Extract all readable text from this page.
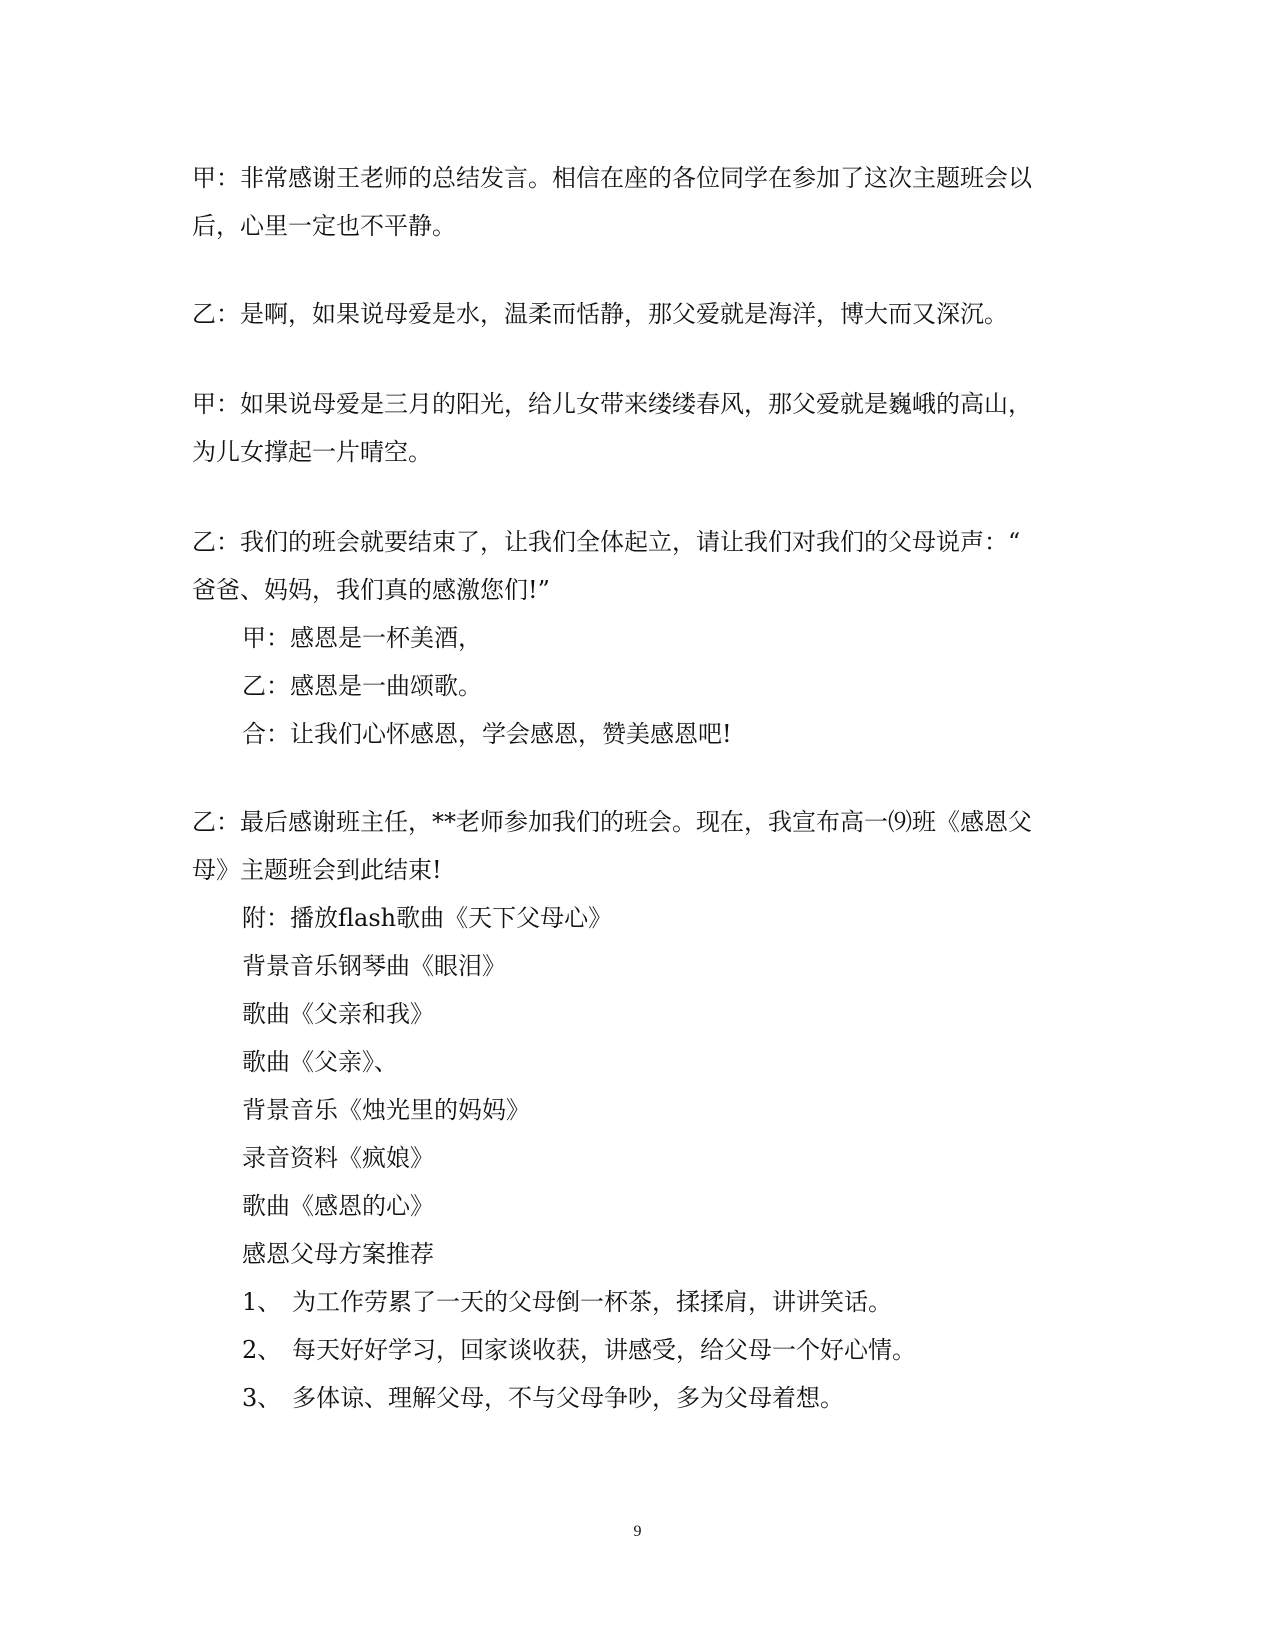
甲：非常感谢王老师的总结发言。相信在座的各位同学在参加了这次主题班会以
后，心里一定也不平静。

乙：是啊，如果说母爱是水，温柔而恬静，那父爱就是海洋，博大而又深沉。

甲：如果说母爱是三月的阳光，给儿女带来缕缕春风，那父爱就是巍峨的高山，
为儿女撑起一片晴空。

乙：我们的班会就要结束了，让我们全体起立，请让我们对我们的父母说声：“
爸爸、妈妈，我们真的感激您们!”

甲：感恩是一杯美酒，

乙：感恩是一曲颂歌。

合：让我们心怀感恩，学会感恩，赞美感恩吧!

乙：最后感谢班主任，**老师参加我们的班会。现在，我宣布高一⑼班《感恩父
母》主题班会到此结束!

附：播放flash歌曲《天下父母心》

背景音乐钢琴曲《眼泪》

歌曲《父亲和我》

歌曲《父亲》、

背景音乐《烛光里的妈妈》

录音资料《疯娘》

歌曲《感恩的心》

感恩父母方案推荐

1、 为工作劳累了一天的父母倒一杯茶，揉揉肩，讲讲笑话。

2、 每天好好学习，回家谈收获，讲感受，给父母一个好心情。

3、 多体谅、理解父母，不与父母争吵，多为父母着想。

9
